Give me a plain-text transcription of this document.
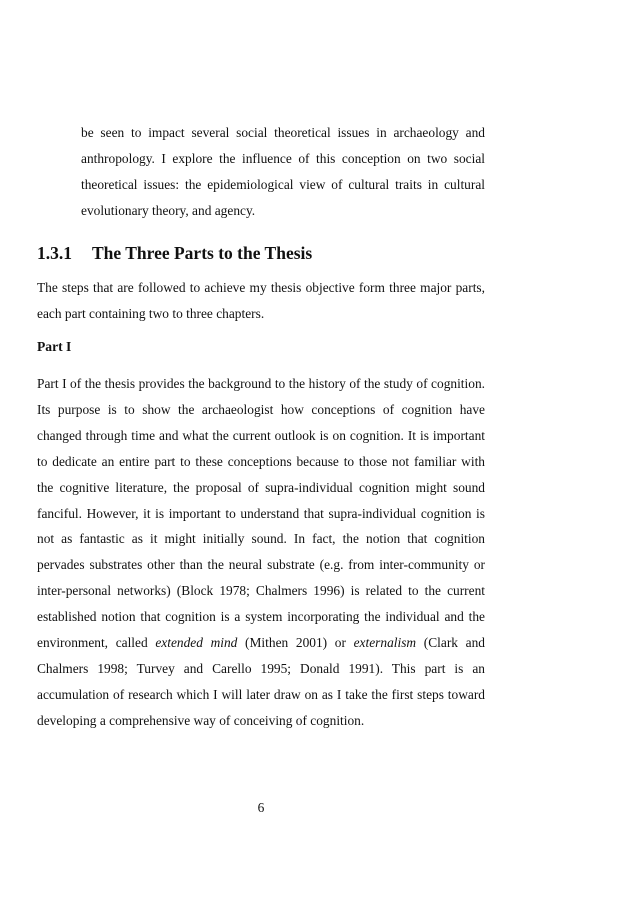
be seen to impact several social theoretical issues in archaeology and anthropology. I explore the influence of this conception on two social theoretical issues: the epidemiological view of cultural traits in cultural evolutionary theory, and agency.

1.3.1 The Three Parts to the Thesis

The steps that are followed to achieve my thesis objective form three major parts, each part containing two to three chapters.

Part I

Part I of the thesis provides the background to the history of the study of cognition. Its purpose is to show the archaeologist how conceptions of cognition have changed through time and what the current outlook is on cognition. It is important to dedicate an entire part to these conceptions because to those not familiar with the cognitive literature, the proposal of supra-individual cognition might sound fanciful. However, it is important to understand that supra-individual cognition is not as fantastic as it might initially sound. In fact, the notion that cognition pervades substrates other than the neural substrate (e.g. from inter-community or inter-personal networks) (Block 1978; Chalmers 1996) is related to the current established notion that cognition is a system incorporating the individual and the environment, called extended mind (Mithen 2001) or externalism (Clark and Chalmers 1998; Turvey and Carello 1995; Donald 1991). This part is an accumulation of research which I will later draw on as I take the first steps toward developing a comprehensive way of conceiving of cognition.

6
